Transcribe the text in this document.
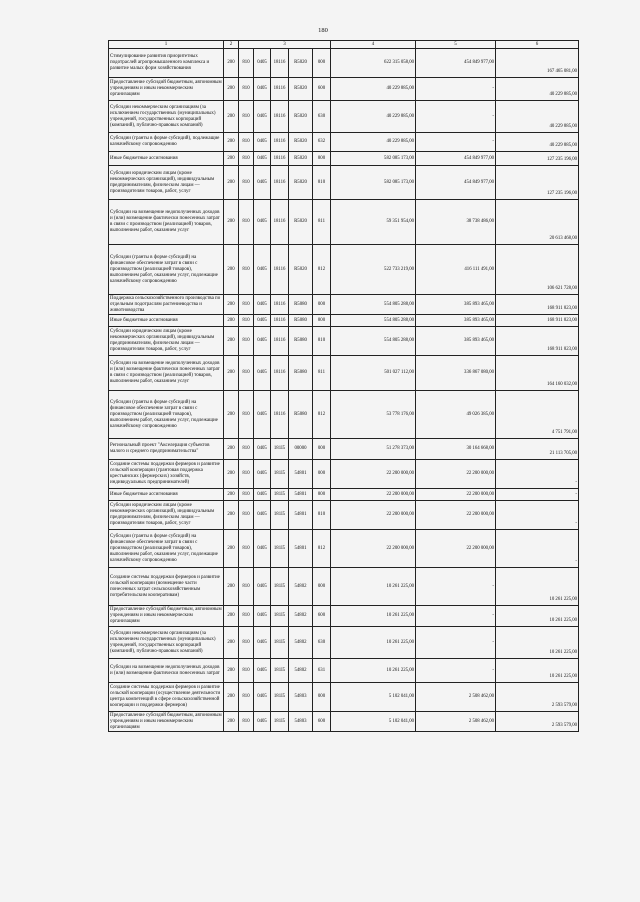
180
1	2	3					4	5	6
Стимулирование развития приоритетных подотраслей агропромышленного комплекса и развитие малых форм хозяйствования	200	810	0405	18116	R5020	000	622 315 058,00	454 849 977,00	167 465 081,00
Предоставление субсидий бюджетным, автономным учреждениям и иным некоммерческим организациям	200	810	0405	18116	R5020	600	40 229 885,00	-	40 229 885,00
Субсидии некоммерческим организациям (за исключением государственных (муниципальных) учреждений, государственных корпораций (компаний), публично-правовых компаний)	200	810	0405	18116	R5020	630	40 229 885,00	-	40 229 885,00
Субсидии (гранты в форме субсидий), подлежащие казначейскому сопровождению	200	810	0405	18116	R5020	632	40 229 885,00	-	40 229 885,00
Иные бюджетные ассигнования	200	810	0405	18116	R5020	800	582 085 173,00	454 849 977,00	127 235 196,00
Субсидии юридическим лицам (кроме некоммерческих организаций), индивидуальным предпринимателям, физическим лицам — производителям товаров, работ, услуг	200	810	0405	18116	R5020	810	582 085 173,00	454 849 977,00	127 235 196,00
Субсидии на возмещение недополученных доходов и (или) возмещение фактически понесенных затрат в связи с производством (реализацией) товаров, выполнением работ, оказанием услуг	200	810	0405	18116	R5020	811	59 351 954,00	38 738 486,00	20 613 468,00
Субсидии (гранты в форме субсидий) на финансовое обеспечение затрат в связи с производством (реализацией товаров), выполнением работ, оказанием услуг, подлежащие казначейскому сопровождению	200	810	0405	18116	R5020	812	522 733 219,00	416 111 491,00	106 621 728,00
Поддержка сельскохозяйственного производства по отдельным подотраслям растениеводства и животноводства	200	810	0405	18116	R5080	000	554 805 288,00	385 893 465,00	168 911 823,00
Иные бюджетные ассигнования	200	810	0405	18116	R5080	800	554 805 288,00	385 893 465,00	168 911 823,00
Субсидии юридическим лицам (кроме некоммерческих организаций), индивидуальным предпринимателям, физическим лицам — производителям товаров, работ, услуг	200	810	0405	18116	R5080	810	554 805 288,00	385 893 465,00	168 911 823,00
Субсидии на возмещение недополученных доходов и (или) возмещение фактически понесенных затрат в связи с производством (реализацией) товаров, выполнением работ, оказанием услуг	200	810	0405	18116	R5080	811	501 027 112,00	336 867 080,00	164 160 032,00
Субсидии (гранты в форме субсидий) на финансовое обеспечение затрат в связи с производством (реализацией товаров), выполнением работ, оказанием услуг, подлежащие казначейскому сопровождению	200	810	0405	18116	R5080	812	53 778 176,00	49 026 385,00	4 751 791,00
Региональный проект "Акселерация субъектов малого и среднего предпринимательства"	200	810	0405	181I5	00000	000	51 278 373,00	30 164 668,00	21 113 705,00
Создание системы поддержки фермеров и развитие сельской кооперации (грантовая поддержка крестьянских (фермерских) хозяйств, индивидуальных предпринимателей)	200	810	0405	181I5	54801	000	22 200 000,00	22 200 000,00	-
Иные бюджетные ассигнования	200	810	0405	181I5	54801	800	22 200 000,00	22 200 000,00	-
Субсидии юридическим лицам (кроме некоммерческих организаций), индивидуальным предпринимателям, физическим лицам — производителям товаров, работ, услуг	200	810	0405	181I5	54801	810	22 200 000,00	22 200 000,00	-
Субсидии (гранты в форме субсидий) на финансовое обеспечение затрат в связи с производством (реализацией товаров), выполнением работ, оказанием услуг, подлежащие казначейскому сопровождению	200	810	0405	181I5	54801	812	22 200 000,00	22 200 000,00	-
Создание системы поддержки фермеров и развитие сельской кооперации (возмещение части понесенных затрат сельскохозяйственным потребительским кооперативам)	200	810	0405	181I5	54802	000	10 261 225,00	-	10 261 225,00
Предоставление субсидий бюджетным, автономным учреждениям и иным некоммерческим организациям	200	810	0405	181I5	54802	600	10 261 225,00	-	10 261 225,00
Субсидии некоммерческим организациям (за исключением государственных (муниципальных) учреждений, государственных корпораций (компаний), публично-правовых компаний)	200	810	0405	181I5	54802	630	10 261 225,00	-	10 261 225,00
Субсидии на возмещение недополученных доходов и (или) возмещение фактически понесенных затрат	200	810	0405	181I5	54802	631	10 261 225,00	-	10 261 225,00
Создание системы поддержки фермеров и развитие сельской кооперации (осуществление деятельности центра компетенций в сфере сельскохозяйственной кооперации и поддержки фермеров)	200	810	0405	181I5	54803	000	5 102 041,00	2 508 462,00	2 593 579,00
Предоставление субсидий бюджетным, автономным учреждениям и иным некоммерческим организациям	200	810	0405	181I5	54803	600	5 102 041,00	2 508 462,00	2 593 579,00
